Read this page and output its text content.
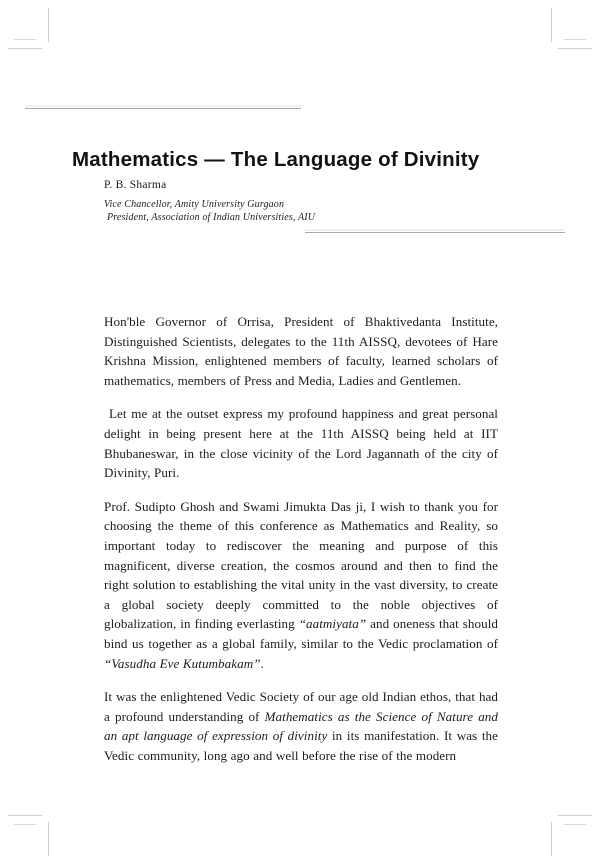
Mathematics — The Language of Divinity
P. B. Sharma
Vice Chancellor, Amity University Gurgaon
President, Association of Indian Universities, AIU

Hon'ble Governor of Orrisa, President of Bhaktivedanta Institute, Distinguished Scientists, delegates to the 11th AISSQ, devotees of Hare Krishna Mission, enlightened members of faculty, learned scholars of mathematics, members of Press and Media, Ladies and Gentlemen.

Let me at the outset express my profound happiness and great personal delight in being present here at the 11th AISSQ being held at IIT Bhubaneswar, in the close vicinity of the Lord Jagannath of the city of Divinity, Puri.

Prof. Sudipto Ghosh and Swami Jimukta Das ji, I wish to thank you for choosing the theme of this conference as Mathematics and Reality, so important today to rediscover the meaning and purpose of this magnificent, diverse creation, the cosmos around and then to find the right solution to establishing the vital unity in the vast diversity, to create a global society deeply committed to the noble objectives of globalization, in finding everlasting “aatmiyata” and oneness that should bind us together as a global family, similar to the Vedic proclamation of “Vasudha Eve Kutumbakam”.

It was the enlightened Vedic Society of our age old Indian ethos, that had a profound understanding of Mathematics as the Science of Nature and an apt language of expression of divinity in its manifestation. It was the Vedic community, long ago and well before the rise of the modern
